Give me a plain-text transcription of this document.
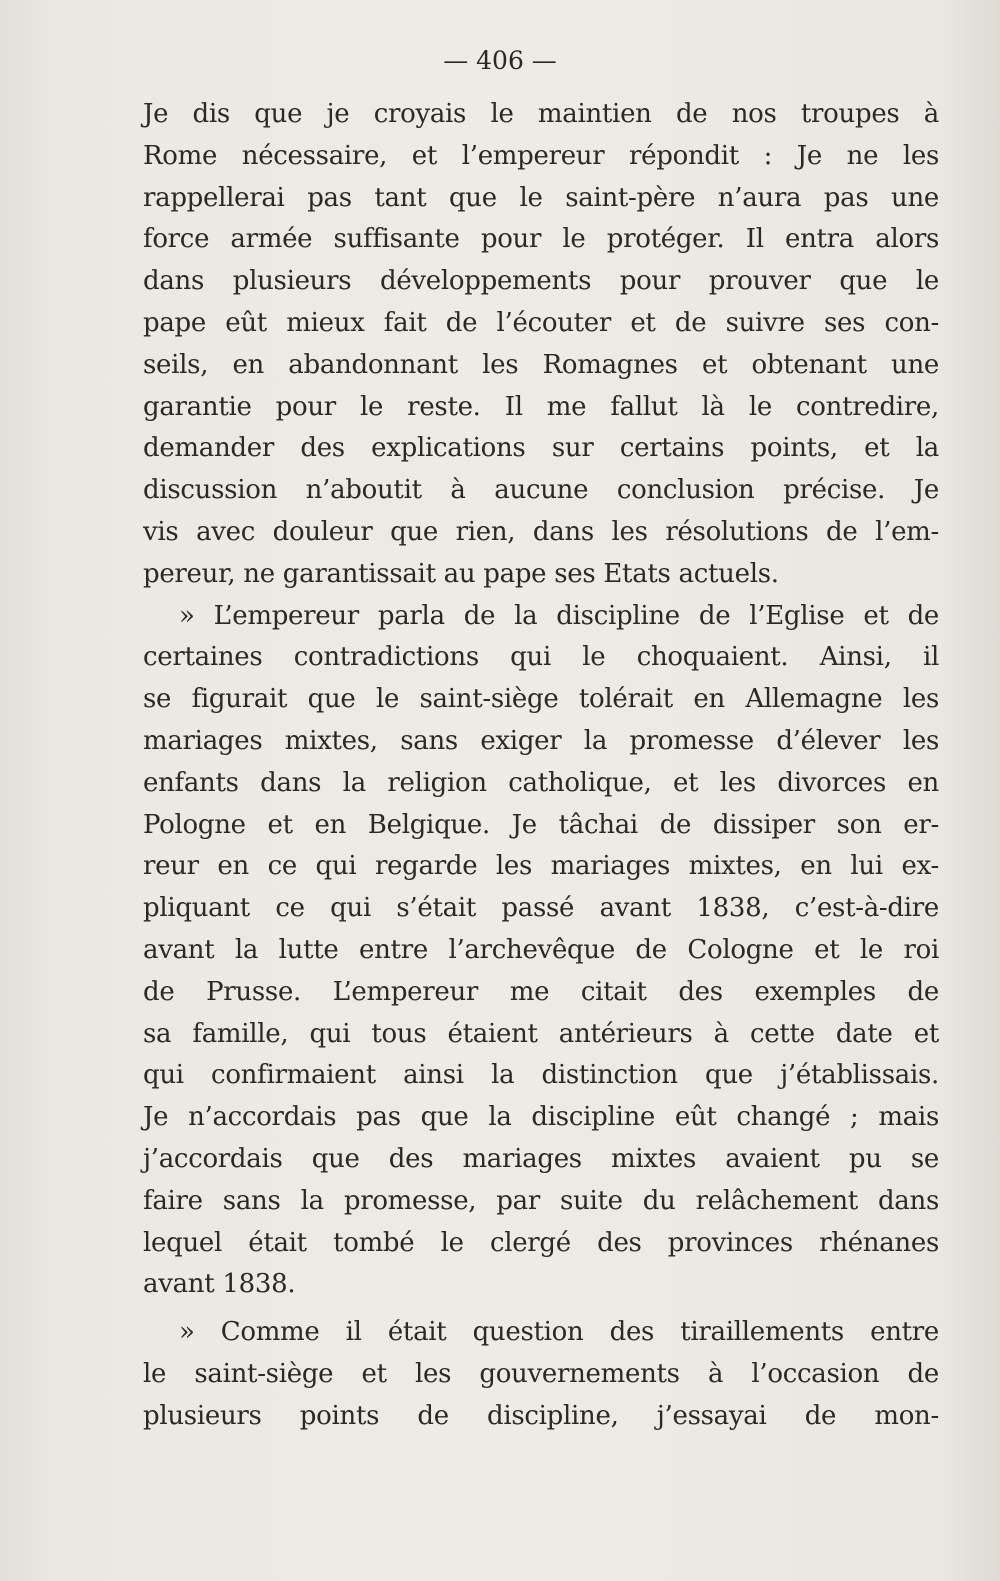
— 406 —
Je dis que je croyais le maintien de nos troupes à
Rome nécessaire, et l’empereur répondit : Je ne les
rappellerai pas tant que le saint-père n’aura pas une
force armée suffisante pour le protéger. Il entra alors
dans plusieurs développements pour prouver que le
pape eût mieux fait de l’écouter et de suivre ses con-
seils, en abandonnant les Romagnes et obtenant une
garantie pour le reste. Il me fallut là le contredire,
demander des explications sur certains points, et la
discussion n’aboutit à aucune conclusion précise. Je
vis avec douleur que rien, dans les résolutions de l’em-
pereur, ne garantissait au pape ses Etats actuels.
» L’empereur parla de la discipline de l’Eglise et de
certaines contradictions qui le choquaient. Ainsi, il
se figurait que le saint-siège tolérait en Allemagne les
mariages mixtes, sans exiger la promesse d’élever les
enfants dans la religion catholique, et les divorces en
Pologne et en Belgique. Je tâchai de dissiper son er-
reur en ce qui regarde les mariages mixtes, en lui ex-
pliquant ce qui s’était passé avant 1838, c’est-à-dire
avant la lutte entre l’archevêque de Cologne et le roi
de Prusse. L’empereur me citait des exemples de
sa famille, qui tous étaient antérieurs à cette date et
qui confirmaient ainsi la distinction que j’établissais.
Je n’accordais pas que la discipline eût changé ; mais
j’accordais que des mariages mixtes avaient pu se
faire sans la promesse, par suite du relâchement dans
lequel était tombé le clergé des provinces rhénanes
avant 1838.
» Comme il était question des tiraillements entre
le saint-siège et les gouvernements à l’occasion de
plusieurs points de discipline, j’essayai de mon-
